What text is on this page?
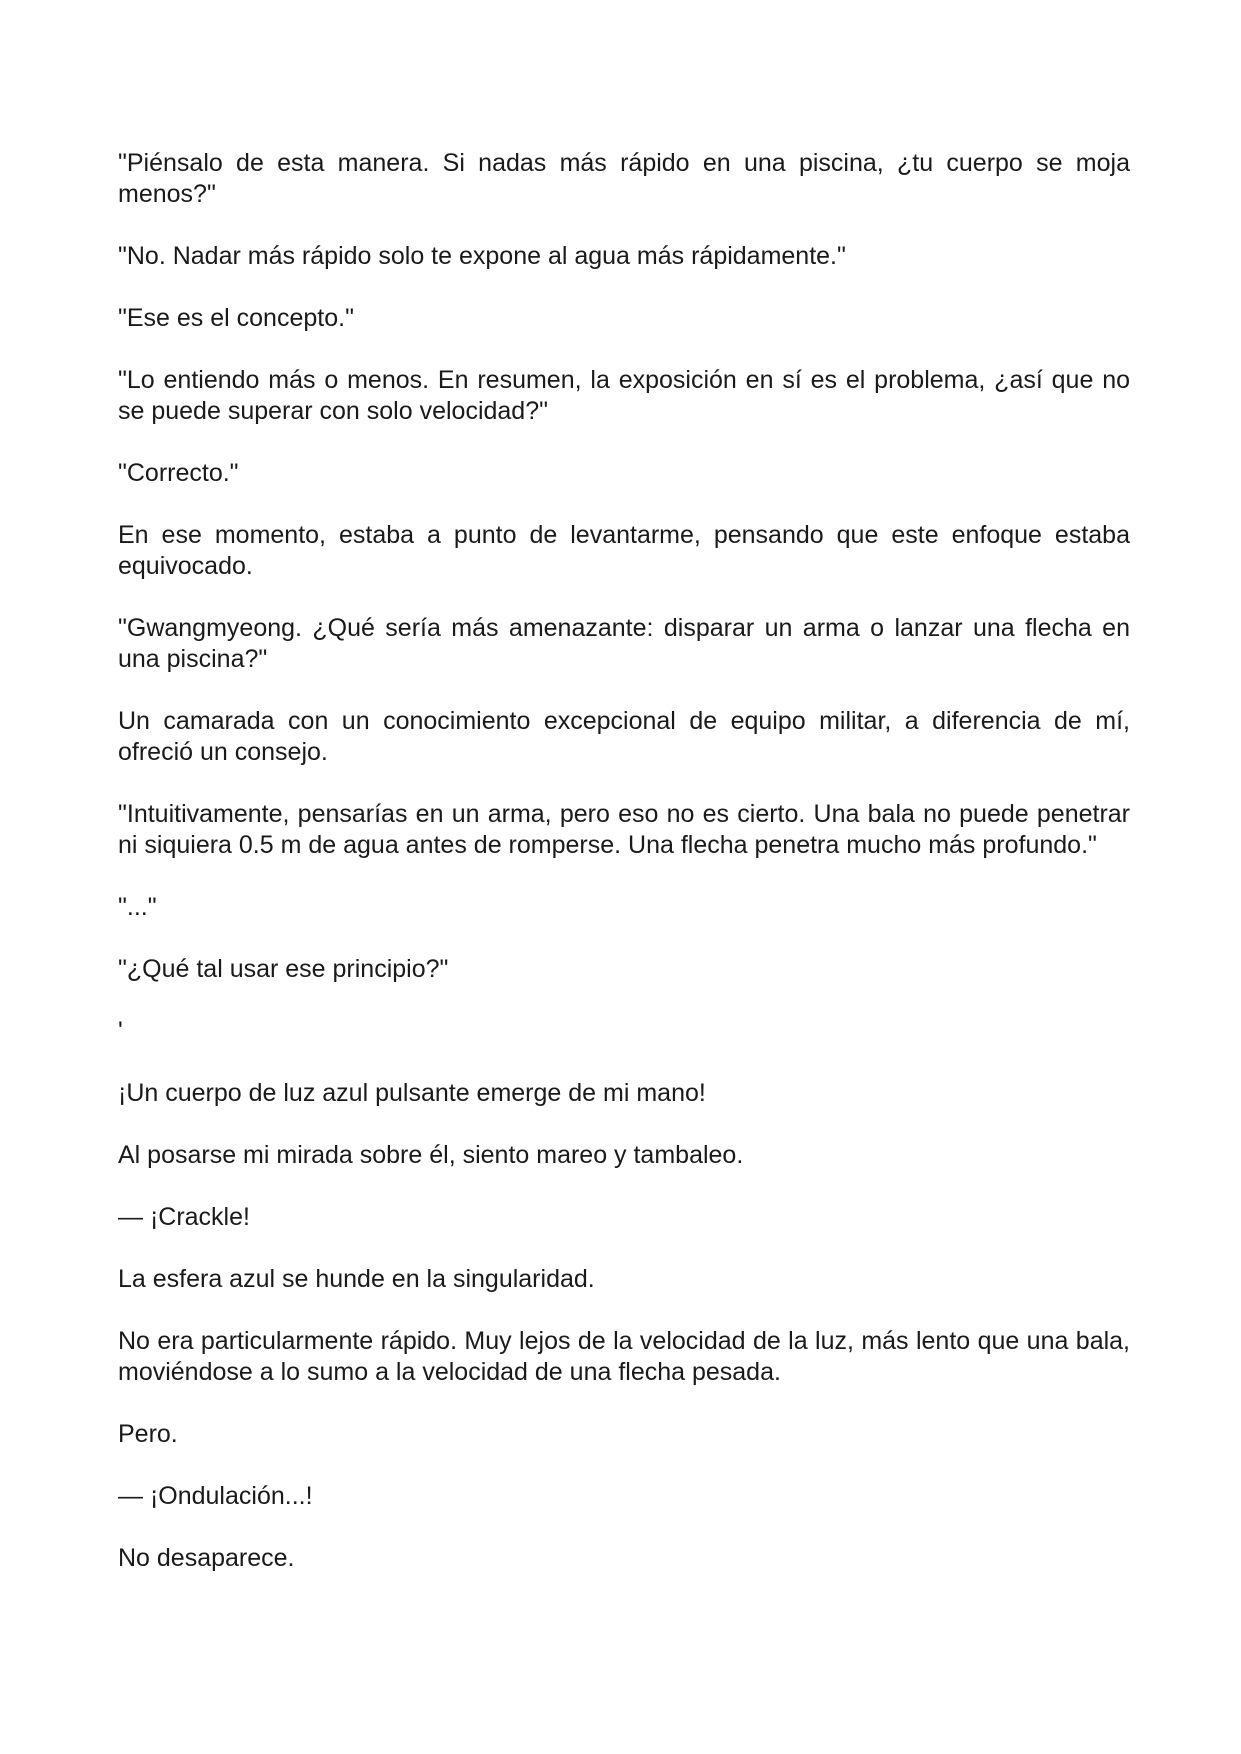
"Piénsalo de esta manera. Si nadas más rápido en una piscina, ¿tu cuerpo se moja menos?"

"No. Nadar más rápido solo te expone al agua más rápidamente."

"Ese es el concepto."

"Lo entiendo más o menos. En resumen, la exposición en sí es el problema, ¿así que no se puede superar con solo velocidad?"

"Correcto."

En ese momento, estaba a punto de levantarme, pensando que este enfoque estaba equivocado.

"Gwangmyeong. ¿Qué sería más amenazante: disparar un arma o lanzar una flecha en una piscina?"

Un camarada con un conocimiento excepcional de equipo militar, a diferencia de mí, ofreció un consejo.

"Intuitivamente, pensarías en un arma, pero eso no es cierto. Una bala no puede penetrar ni siquiera 0.5 m de agua antes de romperse. Una flecha penetra mucho más profundo."

"..."

"¿Qué tal usar ese principio?"

'

¡Un cuerpo de luz azul pulsante emerge de mi mano!

Al posarse mi mirada sobre él, siento mareo y tambaleo.

— ¡Crackle!

La esfera azul se hunde en la singularidad.

No era particularmente rápido. Muy lejos de la velocidad de la luz, más lento que una bala, moviéndose a lo sumo a la velocidad de una flecha pesada.

Pero.

— ¡Ondulación...!

No desaparece.
